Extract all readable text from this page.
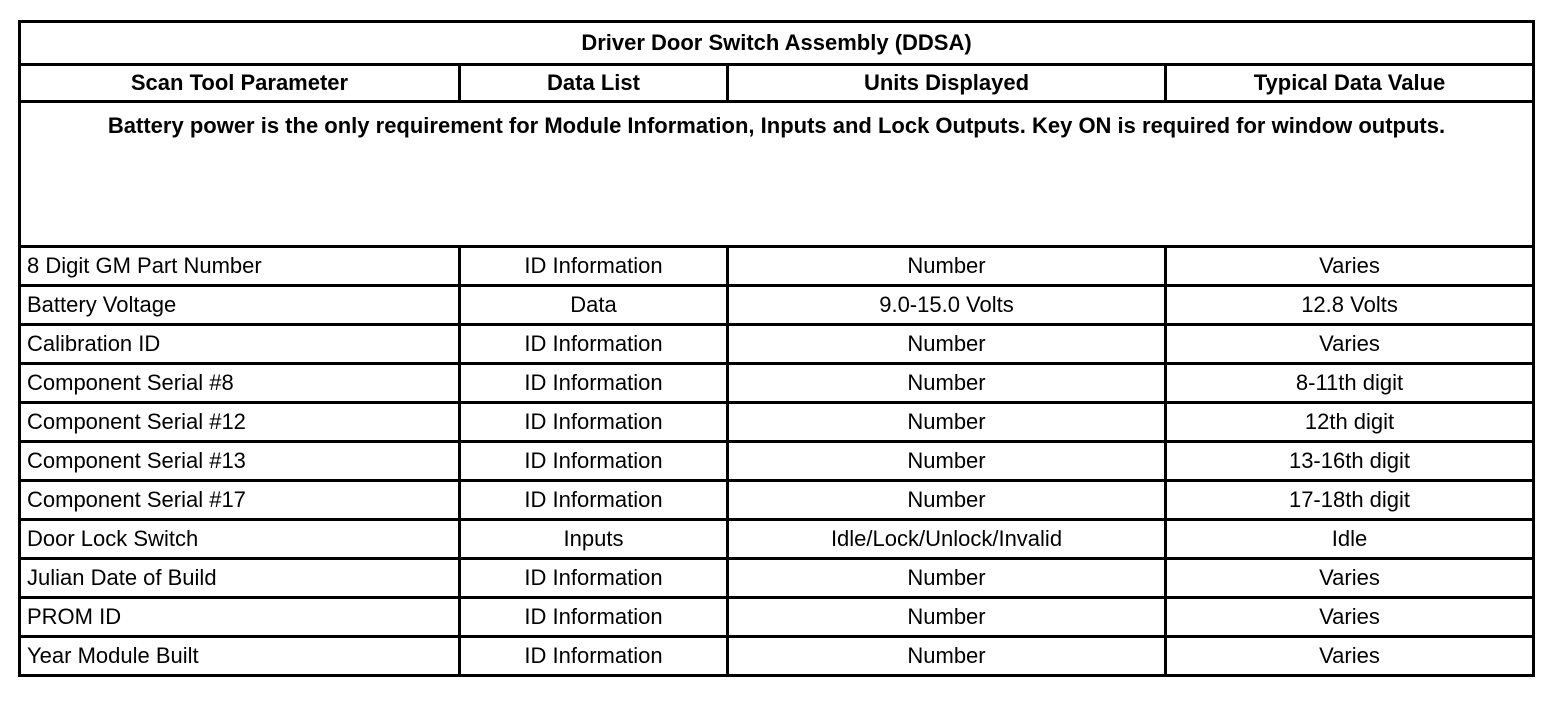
Driver Door Switch Assembly (DDSA)			
Scan Tool Parameter	Data List	Units Displayed	Typical Data Value
Battery power is the only requirement for Module Information, Inputs and Lock Outputs. Key ON is required for window outputs.			
8 Digit GM Part Number	ID Information	Number	Varies
Battery Voltage	Data	9.0-15.0 Volts	12.8 Volts
Calibration ID	ID Information	Number	Varies
Component Serial #8	ID Information	Number	8-11th digit
Component Serial #12	ID Information	Number	12th digit
Component Serial #13	ID Information	Number	13-16th digit
Component Serial #17	ID Information	Number	17-18th digit
Door Lock Switch	Inputs	Idle/Lock/Unlock/Invalid	Idle
Julian Date of Build	ID Information	Number	Varies
PROM ID	ID Information	Number	Varies
Year Module Built	ID Information	Number	Varies
